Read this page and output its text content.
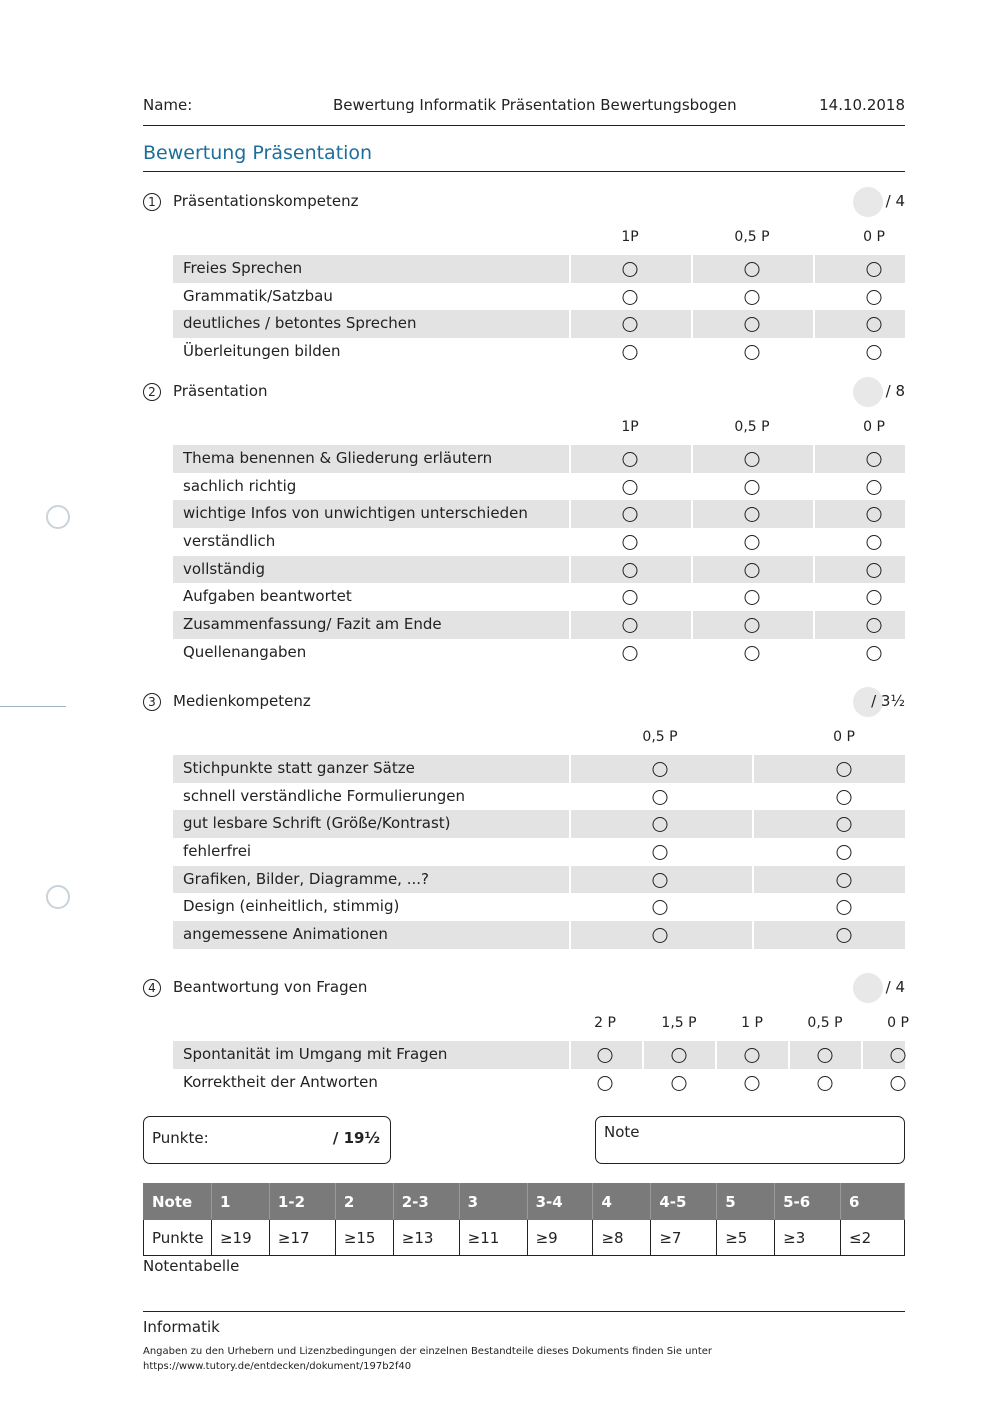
Name:	Bewertung Informatik Präsentation Bewertungsbogen	14.10.2018
Bewertung Präsentation
1	Präsentationskompetenz	/ 4
1P	0,5 P	0 P
Freies Sprechen
Grammatik/Satzbau
deutliches / betontes Sprechen
Überleitungen bilden
2	Präsentation	/ 8
1P	0,5 P	0 P
Thema benennen & Gliederung erläutern
sachlich richtig
wichtige Infos von unwichtigen unterschieden
verständlich
vollständig
Aufgaben beantwortet
Zusammenfassung/ Fazit am Ende
Quellenangaben
3	Medienkompetenz	/ 3½
0,5 P	0 P
Stichpunkte statt ganzer Sätze
schnell verständliche Formulierungen
gut lesbare Schrift (Größe/Kontrast)
fehlerfrei
Grafiken, Bilder, Diagramme, ...?
Design (einheitlich, stimmig)
angemessene Animationen
4	Beantwortung von Fragen	/ 4
2 P	1,5 P	1 P	0,5 P	0 P
Spontanität im Umgang mit Fragen
Korrektheit der Antworten
Punkte:	/ 19½	Note
Note	1	1-2	2	2-3	3	3-4	4	4-5	5	5-6	6
Punkte	≥19	≥17	≥15	≥13	≥11	≥9	≥8	≥7	≥5	≥3	≤2
Notentabelle
Informatik
Angaben zu den Urhebern und Lizenzbedingungen der einzelnen Bestandteile dieses Dokuments finden Sie unter
https://www.tutory.de/entdecken/dokument/197b2f40
